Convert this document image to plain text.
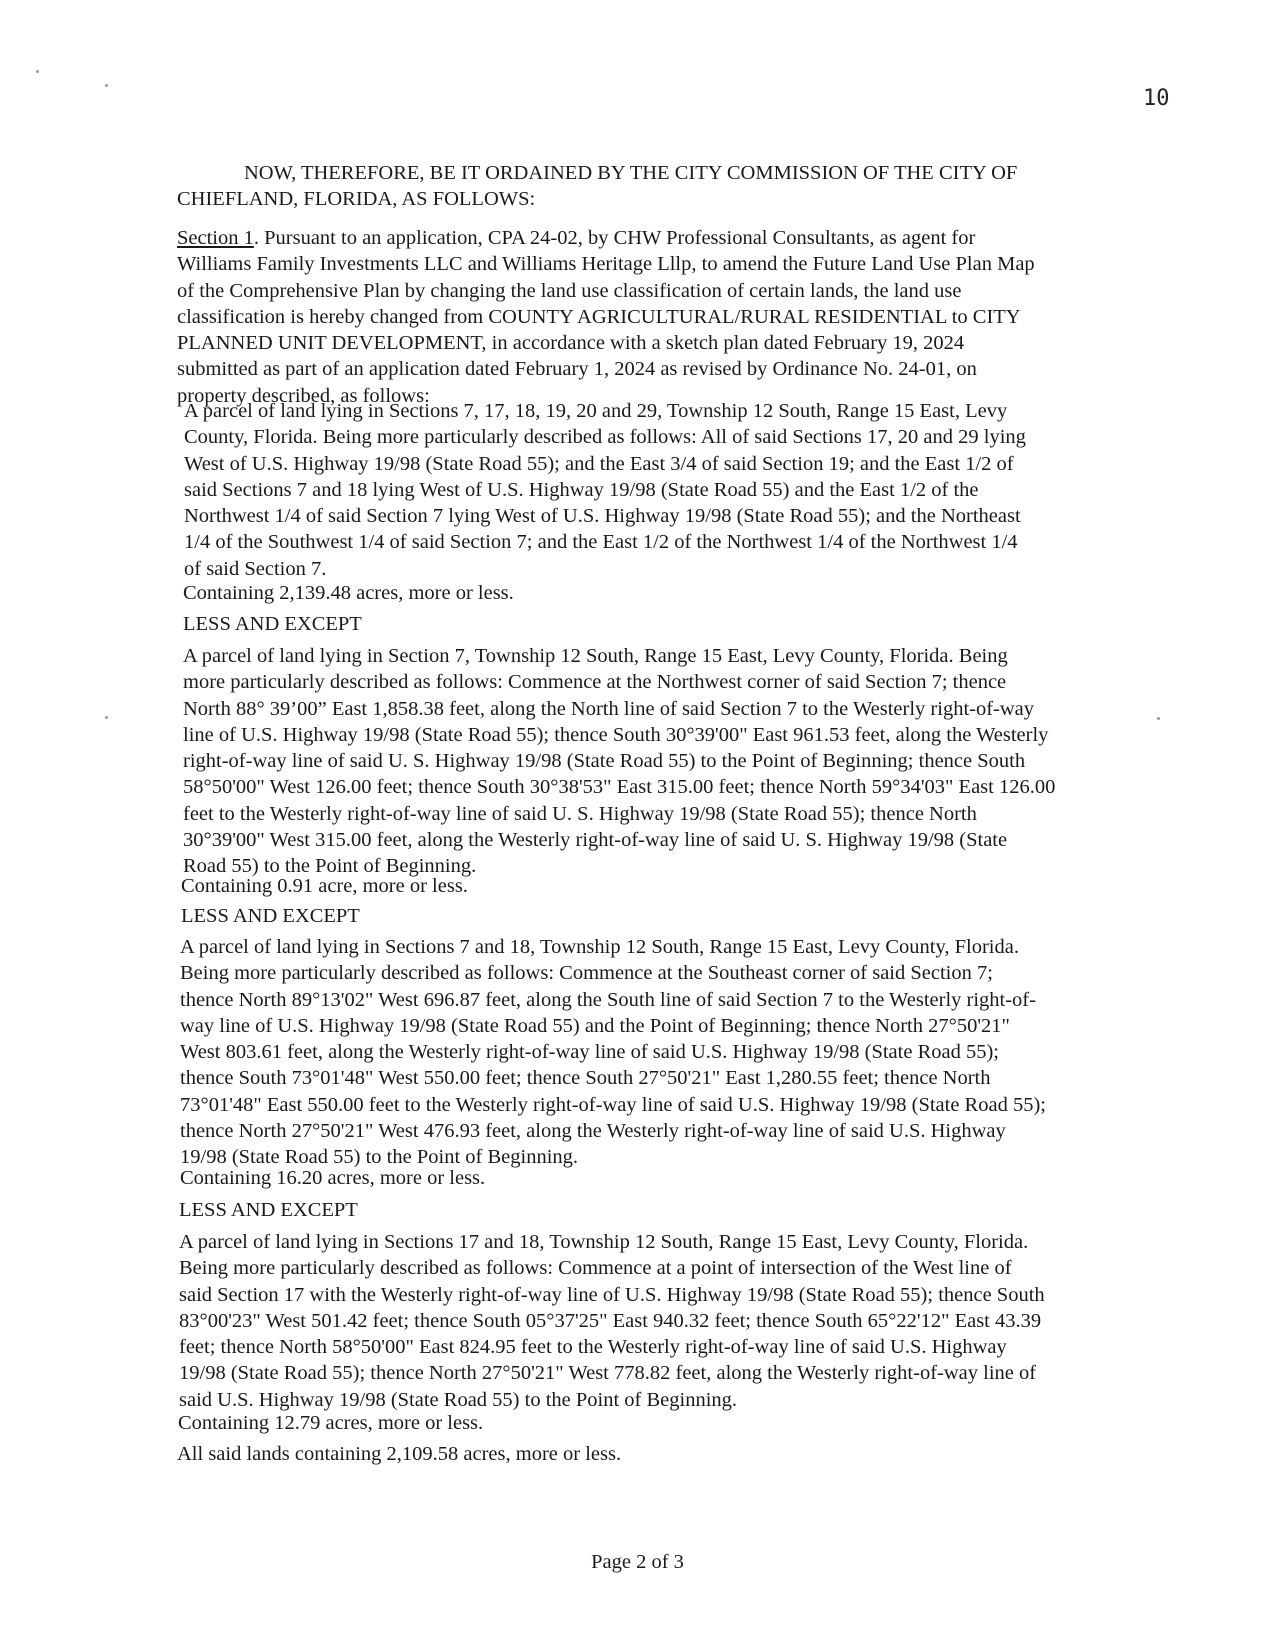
10

NOW, THEREFORE, BE IT ORDAINED BY THE CITY COMMISSION OF THE CITY OF
CHIEFLAND, FLORIDA, AS FOLLOWS:

Section 1. Pursuant to an application, CPA 24-02, by CHW Professional Consultants, as agent for
Williams Family Investments LLC and Williams Heritage Lllp, to amend the Future Land Use Plan Map
of the Comprehensive Plan by changing the land use classification of certain lands, the land use
classification is hereby changed from COUNTY AGRICULTURAL/RURAL RESIDENTIAL to CITY
PLANNED UNIT DEVELOPMENT, in accordance with a sketch plan dated February 19, 2024
submitted as part of an application dated February 1, 2024 as revised by Ordinance No. 24-01, on
property described, as follows:

A parcel of land lying in Sections 7, 17, 18, 19, 20 and 29, Township 12 South, Range 15 East, Levy
County, Florida. Being more particularly described as follows: All of said Sections 17, 20 and 29 lying
West of U.S. Highway 19/98 (State Road 55); and the East 3/4 of said Section 19; and the East 1/2 of
said Sections 7 and 18 lying West of U.S. Highway 19/98 (State Road 55) and the East 1/2 of the
Northwest 1/4 of said Section 7 lying West of U.S. Highway 19/98 (State Road 55); and the Northeast
1/4 of the Southwest 1/4 of said Section 7; and the East 1/2 of the Northwest 1/4 of the Northwest 1/4
of said Section 7.

Containing 2,139.48 acres, more or less.

LESS AND EXCEPT

A parcel of land lying in Section 7, Township 12 South, Range 15 East, Levy County, Florida. Being
more particularly described as follows: Commence at the Northwest corner of said Section 7; thence
North 88° 39’00” East 1,858.38 feet, along the North line of said Section 7 to the Westerly right-of-way
line of U.S. Highway 19/98 (State Road 55); thence South 30°39'00" East 961.53 feet, along the Westerly
right-of-way line of said U. S. Highway 19/98 (State Road 55) to the Point of Beginning; thence South
58°50'00" West 126.00 feet; thence South 30°38'53" East 315.00 feet; thence North 59°34'03" East 126.00
feet to the Westerly right-of-way line of said U. S. Highway 19/98 (State Road 55); thence North
30°39'00" West 315.00 feet, along the Westerly right-of-way line of said U. S. Highway 19/98 (State
Road 55) to the Point of Beginning.

Containing 0.91 acre, more or less.

LESS AND EXCEPT

A parcel of land lying in Sections 7 and 18, Township 12 South, Range 15 East, Levy County, Florida.
Being more particularly described as follows: Commence at the Southeast corner of said Section 7;
thence North 89°13'02" West 696.87 feet, along the South line of said Section 7 to the Westerly right-of-
way line of U.S. Highway 19/98 (State Road 55) and the Point of Beginning; thence North 27°50'21"
West 803.61 feet, along the Westerly right-of-way line of said U.S. Highway 19/98 (State Road 55);
thence South 73°01'48" West 550.00 feet; thence South 27°50'21" East 1,280.55 feet; thence North
73°01'48" East 550.00 feet to the Westerly right-of-way line of said U.S. Highway 19/98 (State Road 55);
thence North 27°50'21" West 476.93 feet, along the Westerly right-of-way line of said U.S. Highway
19/98 (State Road 55) to the Point of Beginning.

Containing 16.20 acres, more or less.

LESS AND EXCEPT

A parcel of land lying in Sections 17 and 18, Township 12 South, Range 15 East, Levy County, Florida.
Being more particularly described as follows: Commence at a point of intersection of the West line of
said Section 17 with the Westerly right-of-way line of U.S. Highway 19/98 (State Road 55); thence South
83°00'23" West 501.42 feet; thence South 05°37'25" East 940.32 feet; thence South 65°22'12" East 43.39
feet; thence North 58°50'00" East 824.95 feet to the Westerly right-of-way line of said U.S. Highway
19/98 (State Road 55); thence North 27°50'21" West 778.82 feet, along the Westerly right-of-way line of
said U.S. Highway 19/98 (State Road 55) to the Point of Beginning.

Containing 12.79 acres, more or less.

All said lands containing 2,109.58 acres, more or less.

Page 2 of 3
